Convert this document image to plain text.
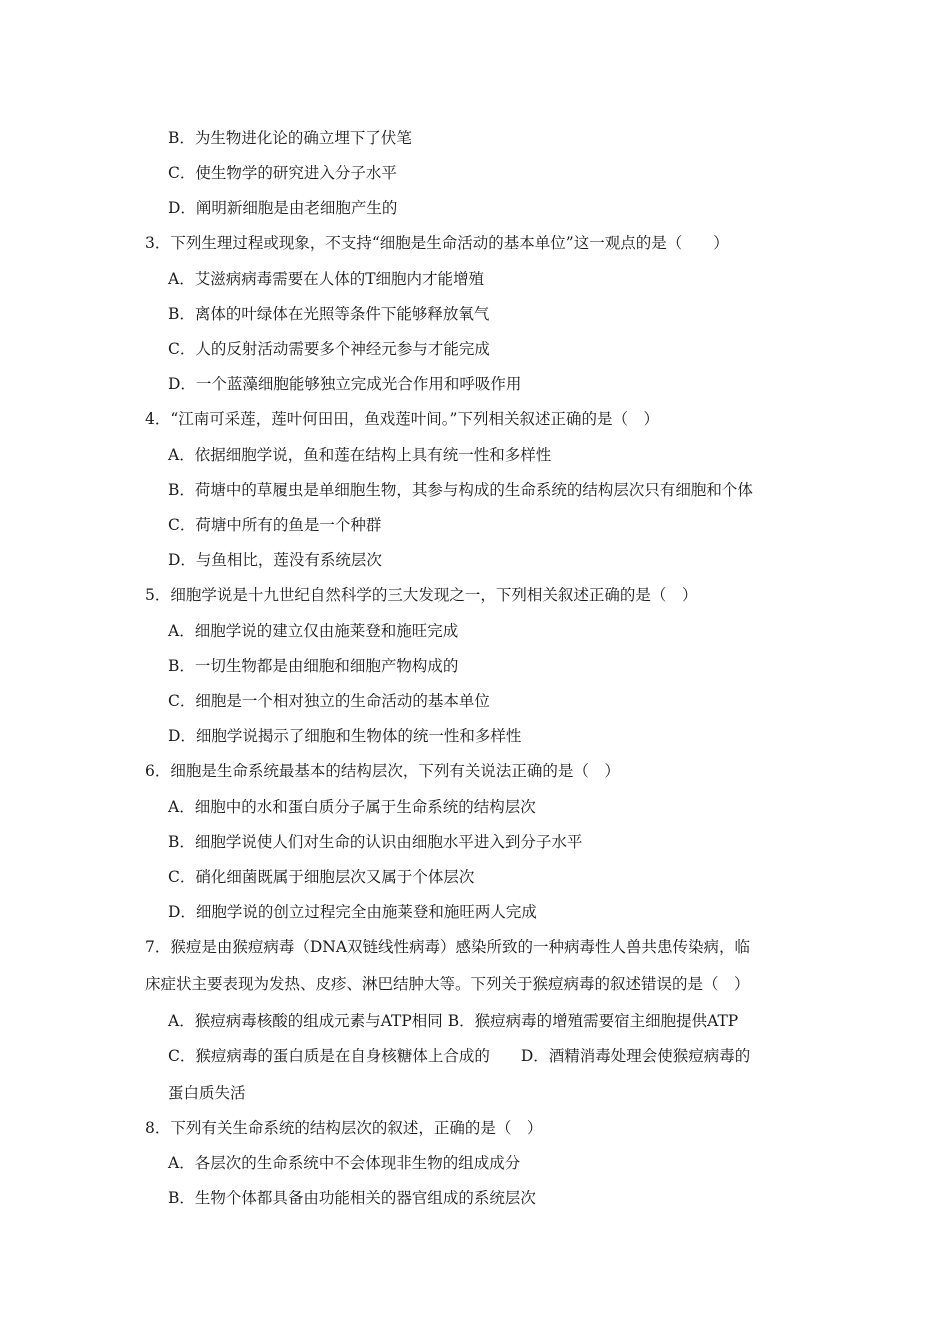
B．为生物进化论的确立埋下了伏笔
C．使生物学的研究进入分子水平
D．阐明新细胞是由老细胞产生的
3．下列生理过程或现象，不支持“细胞是生命活动的基本单位”这一观点的是（　　）
A．艾滋病病毒需要在人体的T细胞内才能增殖
B．离体的叶绿体在光照等条件下能够释放氧气
C．人的反射活动需要多个神经元参与才能完成
D．一个蓝藻细胞能够独立完成光合作用和呼吸作用
4．“江南可采莲，莲叶何田田，鱼戏莲叶间。”下列相关叙述正确的是（　）
A．依据细胞学说，鱼和莲在结构上具有统一性和多样性
B．荷塘中的草履虫是单细胞生物，其参与构成的生命系统的结构层次只有细胞和个体
C．荷塘中所有的鱼是一个种群
D．与鱼相比，莲没有系统层次
5．细胞学说是十九世纪自然科学的三大发现之一，下列相关叙述正确的是（　）
A．细胞学说的建立仅由施莱登和施旺完成
B．一切生物都是由细胞和细胞产物构成的
C．细胞是一个相对独立的生命活动的基本单位
D．细胞学说揭示了细胞和生物体的统一性和多样性
6．细胞是生命系统最基本的结构层次，下列有关说法正确的是（　）
A．细胞中的水和蛋白质分子属于生命系统的结构层次
B．细胞学说使人们对生命的认识由细胞水平进入到分子水平
C．硝化细菌既属于细胞层次又属于个体层次
D．细胞学说的创立过程完全由施莱登和施旺两人完成
7．猴痘是由猴痘病毒（DNA双链线性病毒）感染所致的一种病毒性人兽共患传染病，临
床症状主要表现为发热、皮疹、淋巴结肿大等。下列关于猴痘病毒的叙述错误的是（　）
A．猴痘病毒核酸的组成元素与ATP相同 B．猴痘病毒的增殖需要宿主细胞提供ATP
C．猴痘病毒的蛋白质是在自身核糖体上合成的　　D．酒精消毒处理会使猴痘病毒的
蛋白质失活
8．下列有关生命系统的结构层次的叙述，正确的是（　）
A．各层次的生命系统中不会体现非生物的组成成分
B．生物个体都具备由功能相关的器官组成的系统层次
